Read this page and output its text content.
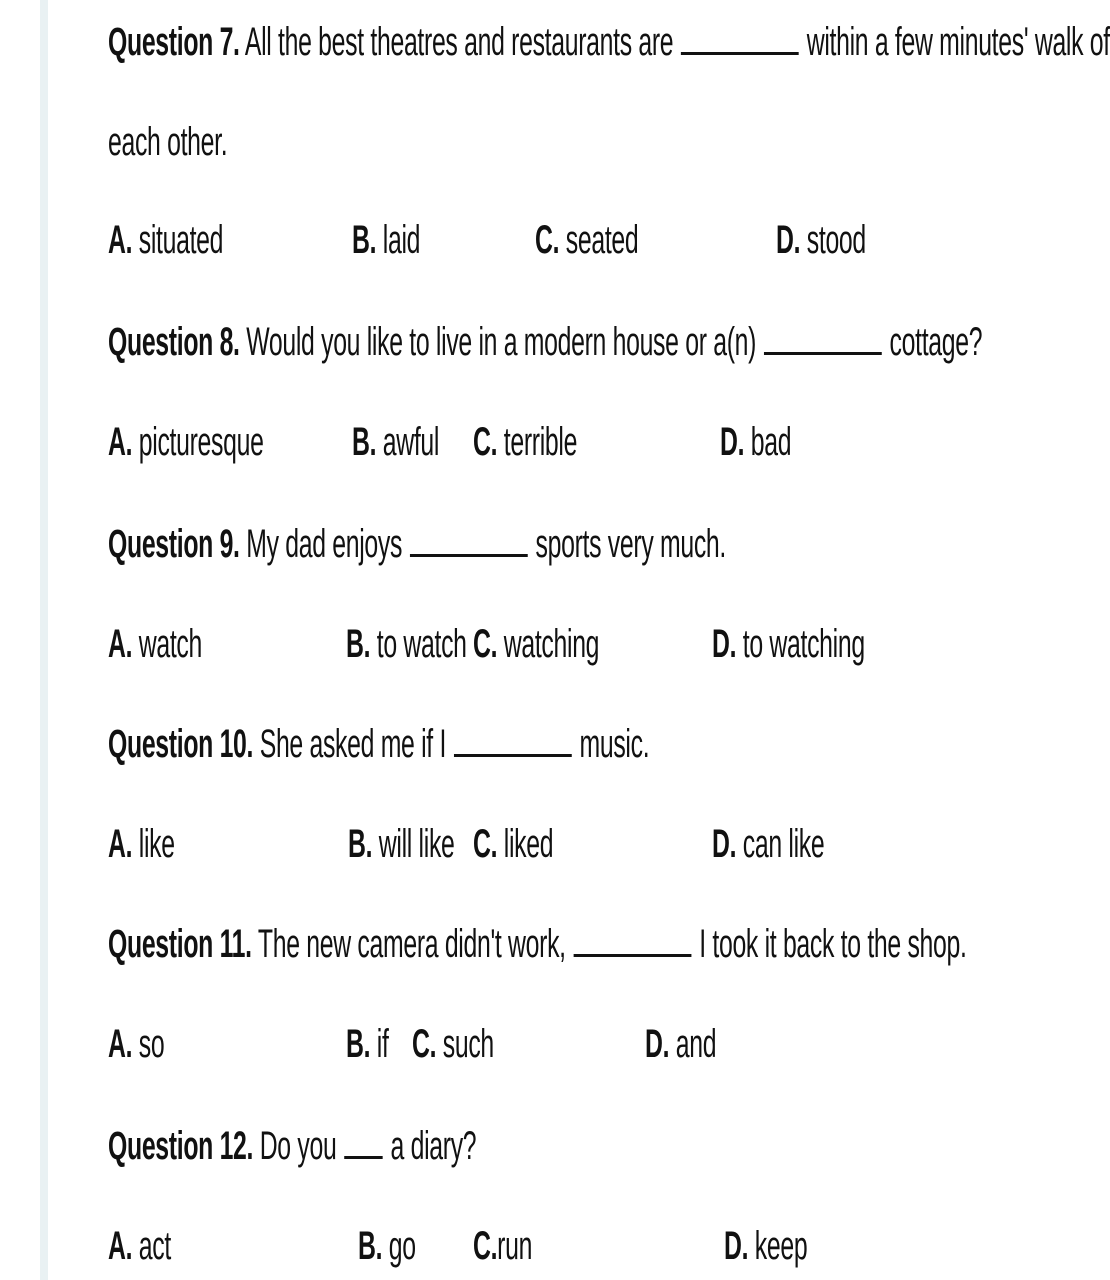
Question 7. All the best theatres and restaurants are	within a few minutes' walk of
each other.
A. situated	B. laid	C. seated	D. stood
Question 8. Would you like to live in a modern house or a(n)	cottage?
A. picturesque B. awful C. terrible	D. bad
Question 9. My dad enjoys	sports very much.
A. watch	B. to watch C. watching	D. to watching
Question 10. She asked me if I	music.
A. like	B. will like C. liked	D. can like
Question 11. The new camera didn't work,	I took it back to the shop.
A. so	B. if C. such	D. and
Question 12. Do you a diary?
A. act	B. go C.run	D. keep
